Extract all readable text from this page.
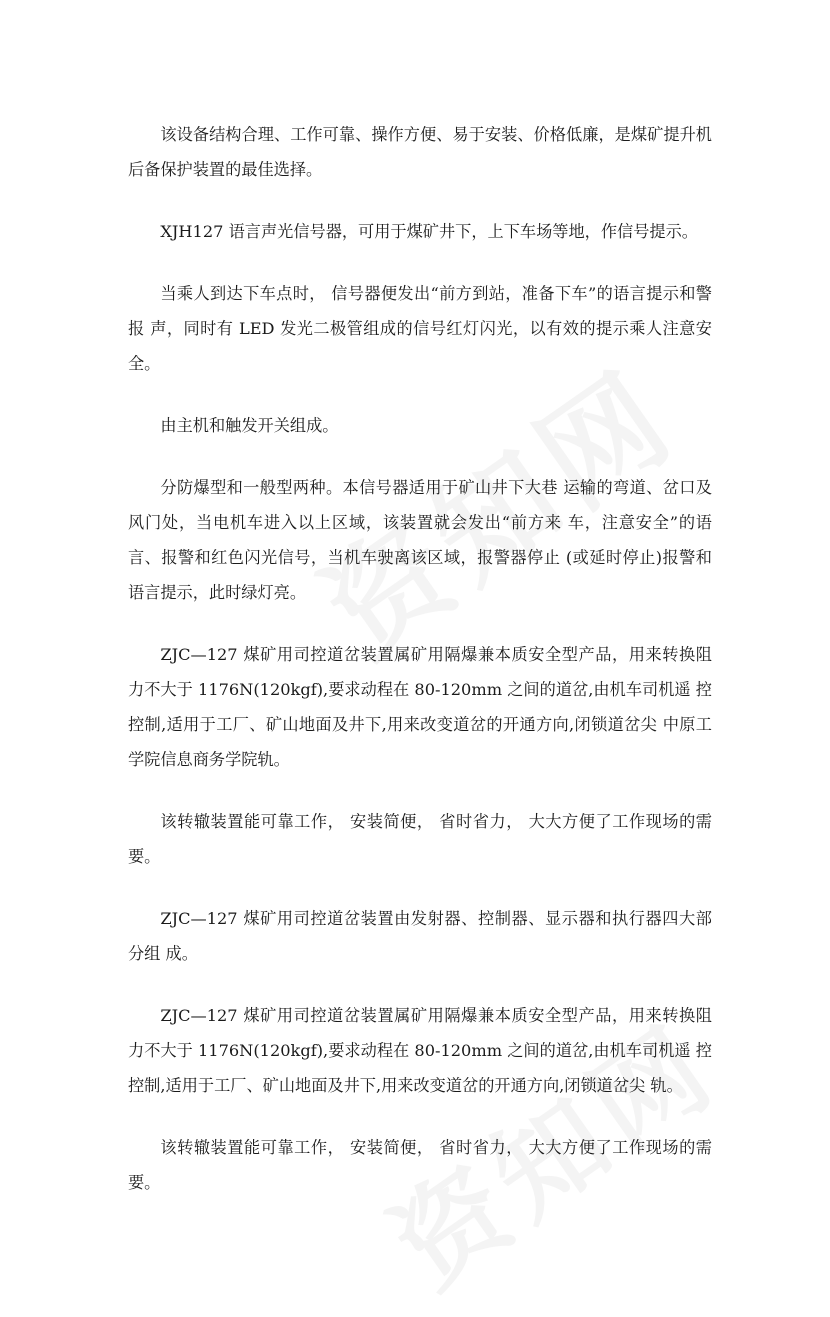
该设备结构合理、工作可靠、操作方便、易于安装、价格低廉，是煤矿提升机后备保护装置的最佳选择。

XJH127 语言声光信号器，可用于煤矿井下，上下车场等地，作信号提示。

当乘人到达下车点时， 信号器便发出“前方到站，准备下车”的语言提示和警报 声，同时有 LED 发光二极管组成的信号红灯闪光，以有效的提示乘人注意安全。

由主机和触发开关组成。

分防爆型和一般型两种。本信号器适用于矿山井下大巷 运输的弯道、岔口及风门处，当电机车进入以上区域，该装置就会发出“前方来 车，注意安全”的语言、报警和红色闪光信号，当机车驶离该区域，报警器停止 (或延时停止)报警和语言提示，此时绿灯亮。

ZJC—127 煤矿用司控道岔装置属矿用隔爆兼本质安全型产品，用来转换阻力不大于 1176N(120kgf),要求动程在 80-120mm 之间的道岔,由机车司机遥 控控制,适用于工厂、矿山地面及井下,用来改变道岔的开通方向,闭锁道岔尖 中原工学院信息商务学院轨。

该转辙装置能可靠工作， 安装简便， 省时省力， 大大方便了工作现场的需要。

ZJC—127 煤矿用司控道岔装置由发射器、控制器、显示器和执行器四大部分组 成。

ZJC—127 煤矿用司控道岔装置属矿用隔爆兼本质安全型产品，用来转换阻力不大于 1176N(120kgf),要求动程在 80-120mm 之间的道岔,由机车司机遥 控控制,适用于工厂、矿山地面及井下,用来改变道岔的开通方向,闭锁道岔尖 轨。

该转辙装置能可靠工作， 安装简便， 省时省力， 大大方便了工作现场的需要。
